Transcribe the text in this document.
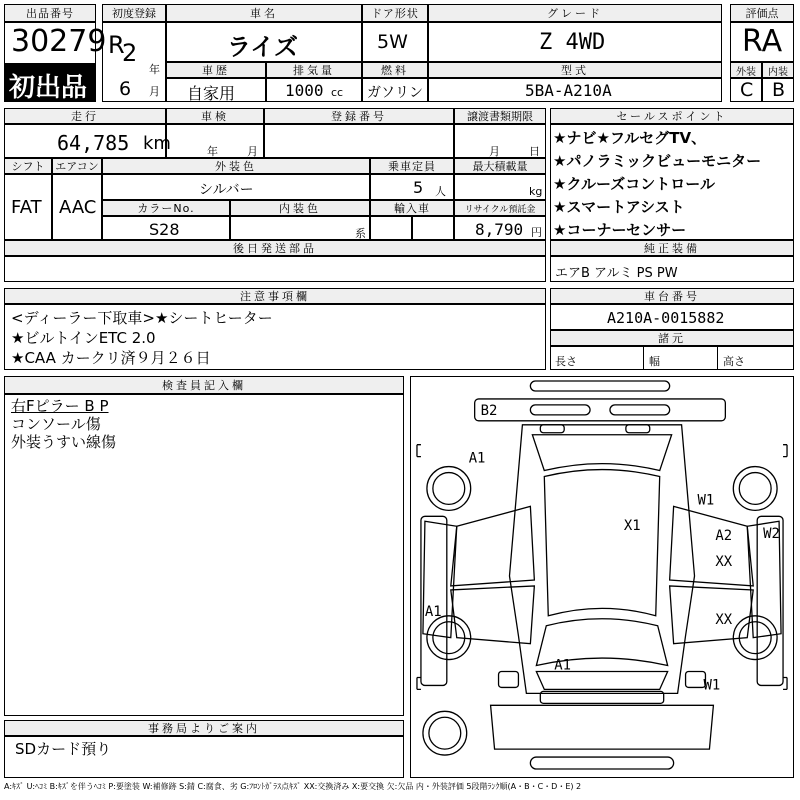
出品番号
30279
初出品
初度登録
R
2
年
6 月
車名
ライズ
ドア形状
5W
グレード
Z 4WD
評価点
RA
車歴
自家用
排気量
1000 cc
燃料
ガソリン
型式
5BA-A210A
外装	内装
C B
走行
64,785 km
車検
年	月
登録番号	譲渡書類期限
月	日
シフト
FAT
エアコン
AAC
外装色
シルバー
乗車定員
5 人
最大積載量
kg
カラーNo.
S28
内装色
系
輸入車	リサイクル預託金
8,790 円
後日発送部品
セールスポイント
★ナビ★フルセグTV、
★パノラミックビューモニター
★クルーズコントロール
★スマートアシスト
★コーナーセンサー
純正装備
エアB アルミ PS PW
注意事項欄
<ディーラー下取車>★シートヒーター
★ビルトインETC 2.0
★CAA カークリ済９月２６日
車台番号
A210A-0015882
諸元
長さ	幅	高さ
検査員記入欄
右Fピラー B P
コンソール傷
外装うすい線傷
事務局よりご案内
SDカード預り
B2
A1
W1
X1
A2 W2
XX
XX
A1
A1
W1
A:ｷｽﾞ U:ﾍｺﾐ B:ｷｽﾞを伴うﾍｺﾐ P:要塗装 W:補修跡 S:錆 C:腐食、劣 G:ﾌﾛﾝﾄｶﾞﾗｽ点ｷｽﾞ XX:交換済み X:要交換 欠:欠品 内・外装評価 5段階ﾗﾝｸ順(A・B・C・D・E) 2
